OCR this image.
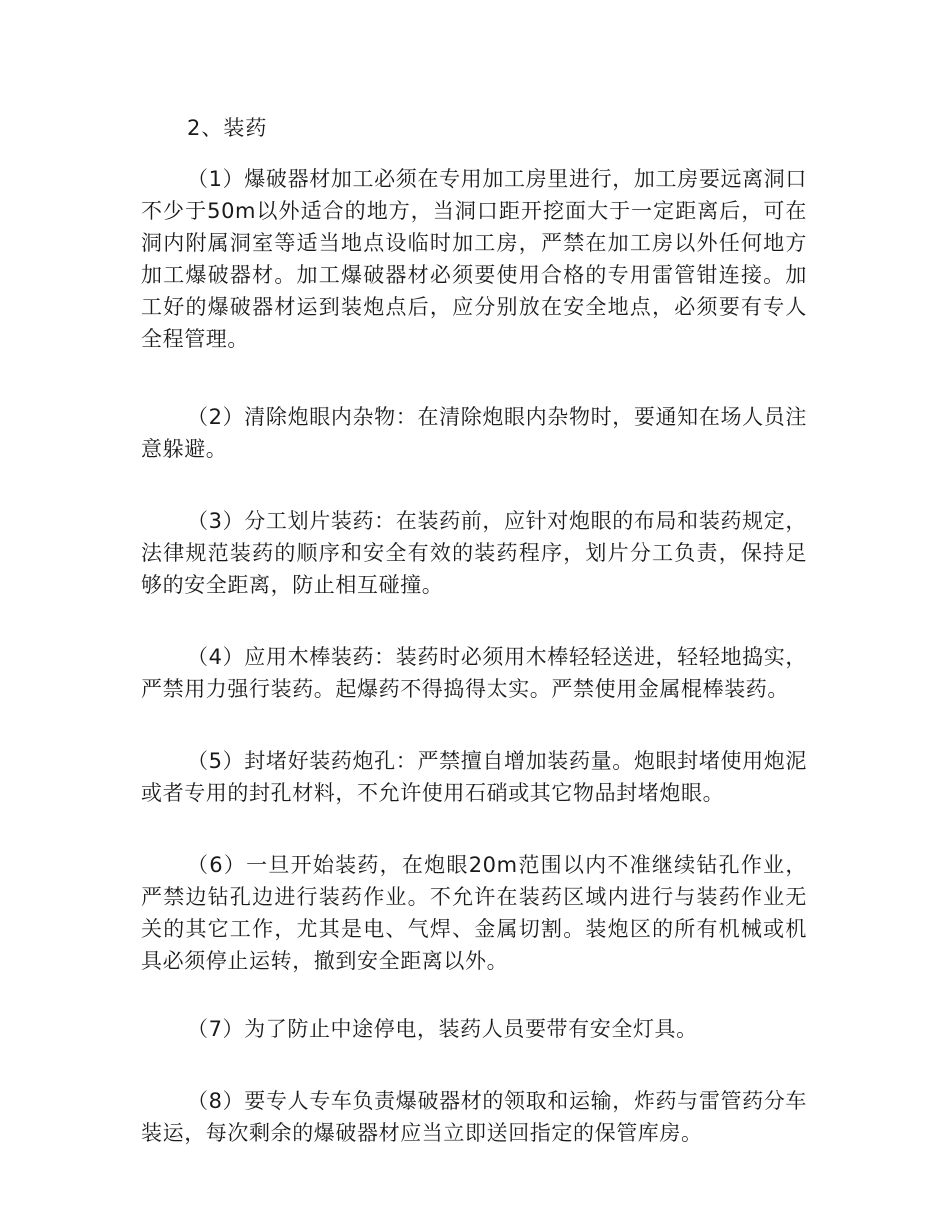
2、装药

（1）爆破器材加工必须在专用加工房里进行，加工房要远离洞口不少于50m以外适合的地方，当洞口距开挖面大于一定距离后，可在洞内附属洞室等适当地点设临时加工房，严禁在加工房以外任何地方加工爆破器材。加工爆破器材必须要使用合格的专用雷管钳连接。加工好的爆破器材运到装炮点后，应分别放在安全地点，必须要有专人全程管理。

（2）清除炮眼内杂物：在清除炮眼内杂物时，要通知在场人员注意躲避。

（3）分工划片装药：在装药前，应针对炮眼的布局和装药规定，法律规范装药的顺序和安全有效的装药程序，划片分工负责，保持足够的安全距离，防止相互碰撞。

（4）应用木棒装药：装药时必须用木棒轻轻送进，轻轻地捣实，严禁用力强行装药。起爆药不得捣得太实。严禁使用金属棍棒装药。

（5）封堵好装药炮孔：严禁擅自增加装药量。炮眼封堵使用炮泥或者专用的封孔材料，不允许使用石硝或其它物品封堵炮眼。

（6）一旦开始装药，在炮眼20m范围以内不准继续钻孔作业，严禁边钻孔边进行装药作业。不允许在装药区域内进行与装药作业无关的其它工作，尤其是电、气焊、金属切割。装炮区的所有机械或机具必须停止运转，撤到安全距离以外。

（7）为了防止中途停电，装药人员要带有安全灯具。

（8）要专人专车负责爆破器材的领取和运输，炸药与雷管药分车装运，每次剩余的爆破器材应当立即送回指定的保管库房。
